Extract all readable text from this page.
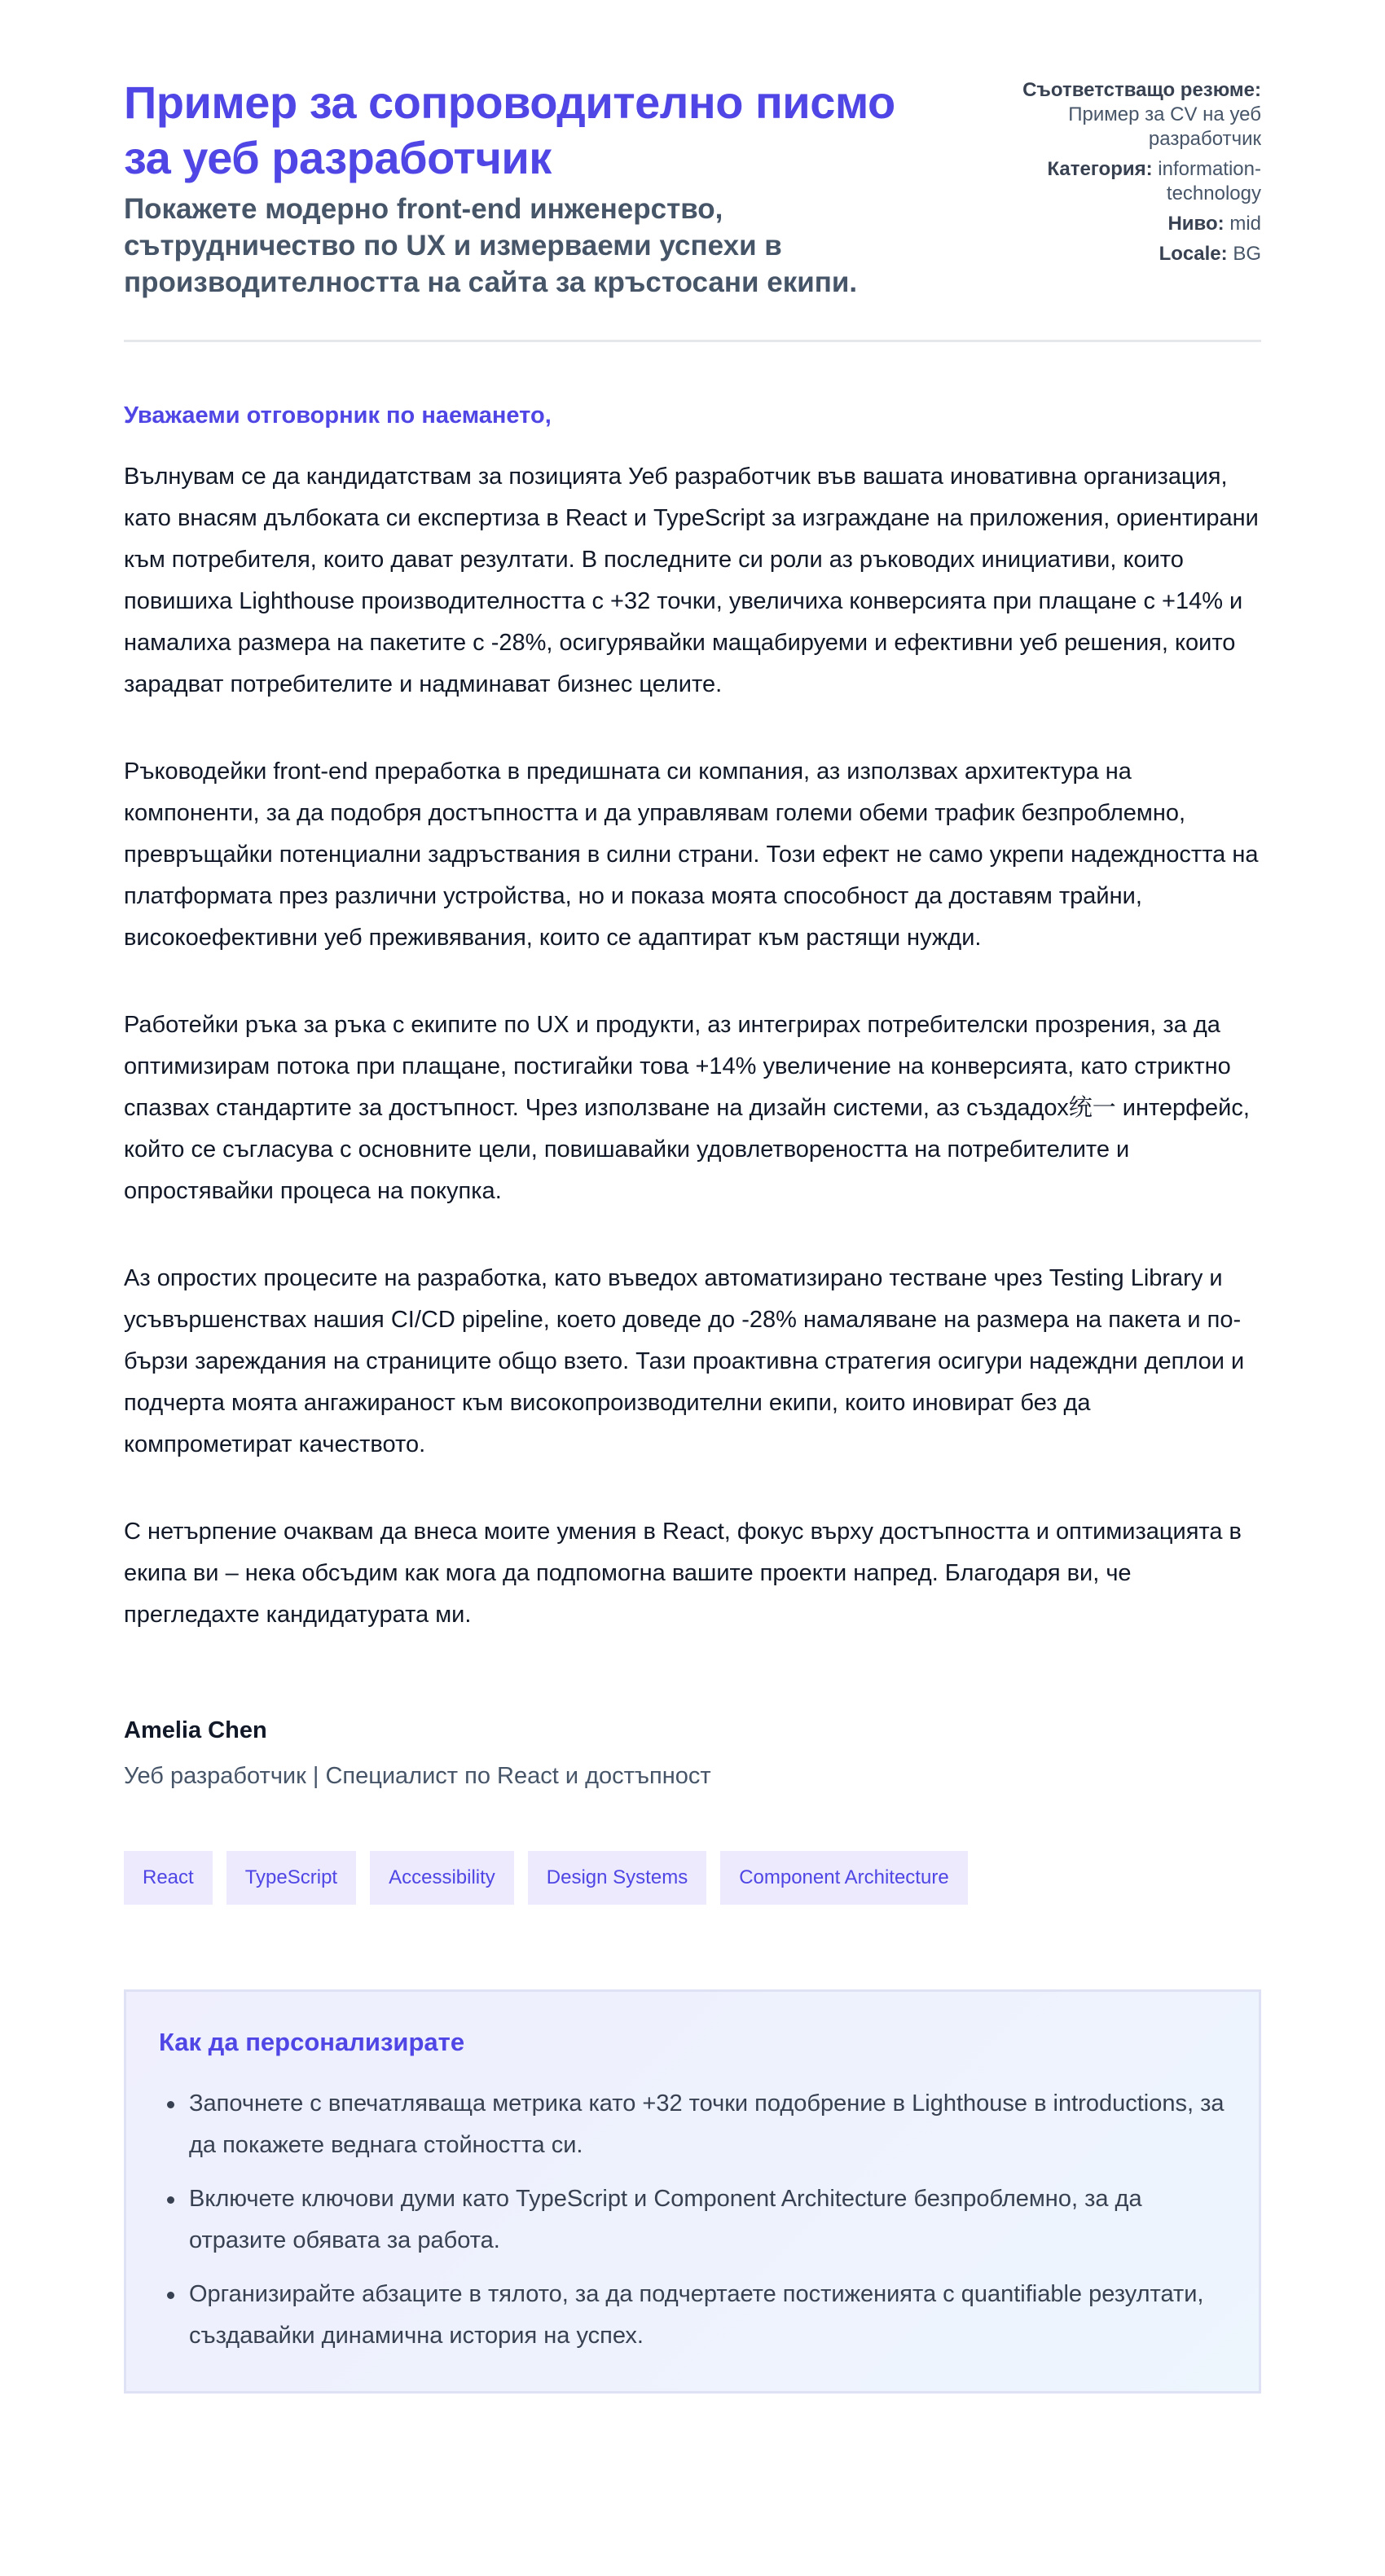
Пример за сопроводително писмо за уеб разработчик
Покажете модерно front-end инженерство, сътрудничество по UX и измерваеми успехи в производителността на сайта за кръстосани екипи.
Съответстващо резюме: Пример за CV на уеб разработчик
Категория: information-technology
Ниво: mid
Locale: BG

Уважаеми отговорник по наемането,

Вълнувам се да кандидатствам за позицията Уеб разработчик във вашата иновативна организация, като внасям дълбоката си експертиза в React и TypeScript за изграждане на приложения, ориентирани към потребителя, които дават резултати. В последните си роли аз ръководих инициативи, които повишиха Lighthouse производителността с +32 точки, увеличиха конверсията при плащане с +14% и намалиха размера на пакетите с -28%, осигурявайки мащабируеми и ефективни уеб решения, които зарадват потребителите и надминават бизнес целите.

Ръководейки front-end преработка в предишната си компания, аз използвах архитектура на компоненти, за да подобря достъпността и да управлявам големи обеми трафик безпроблемно, превръщайки потенциални задръствания в силни страни. Този ефект не само укрепи надеждността на платформата през различни устройства, но и показа моята способност да доставям трайни, високоефективни уеб преживявания, които се адаптират към растящи нужди.

Работейки ръка за ръка с екипите по UX и продукти, аз интегрирах потребителски прозрения, за да оптимизирам потока при плащане, постигайки това +14% увеличение на конверсията, като стриктно спазвах стандартите за достъпност. Чрез използване на дизайн системи, аз създадох统一 интерфейс, който се съгласува с основните цели, повишавайки удовлетвореността на потребителите и опростявайки процеса на покупка.

Аз опростих процесите на разработка, като въведох автоматизирано тестване чрез Testing Library и усъвършенствах нашия CI/CD pipeline, което доведе до -28% намаляване на размера на пакета и по-бързи зареждания на страниците общо взето. Тази проактивна стратегия осигури надеждни деплои и подчерта моята ангажираност към високопроизводителни екипи, които иновират без да компрометират качеството.

С нетърпение очаквам да внеса моите умения в React, фокус върху достъпността и оптимизацията в екипа ви – нека обсъдим как мога да подпомогна вашите проекти напред. Благодаря ви, че прегледахте кандидатурата ми.

Amelia Chen
Уеб разработчик | Специалист по React и достъпност
React	TypeScript	Accessibility	Design Systems	Component Architecture
Как да персонализирате
Започнете с впечатляваща метрика като +32 точки подобрение в Lighthouse в introductions, за да покажете веднага стойността си.
Включете ключови думи като TypeScript и Component Architecture безпроблемно, за да отразите обявата за работа.
Организирайте абзаците в тялото, за да подчертаете постиженията с quantifiable резултати, създавайки динамична история на успех.
